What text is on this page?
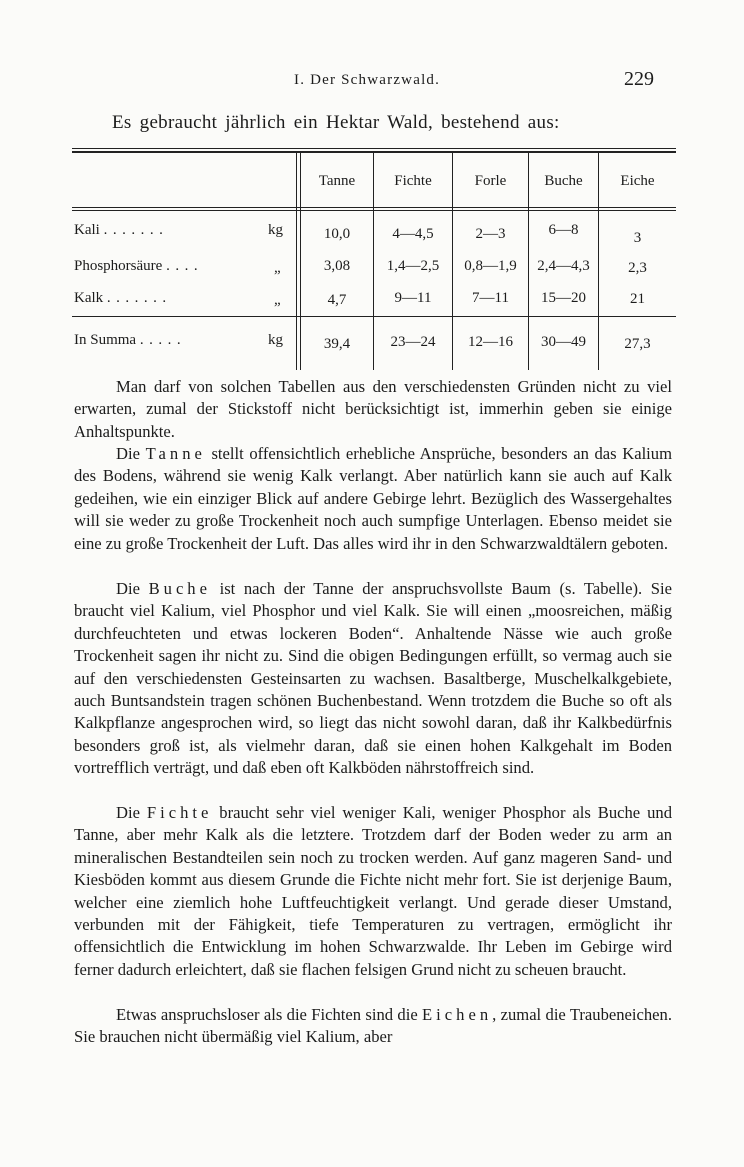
I. Der Schwarzwald.	229
Es gebraucht jährlich ein Hektar Wald, bestehend aus:
Tanne	Fichte	Forle	Buche	Eiche
Kali .......	kg	10,0	4—4,5	2—3	6—8	3
Phosphorsäure ....	„	3,08	1,4—2,5	0,8—1,9	2,4—4,3	2,3
Kalk .......	„	4,7	9—11	7—11	15—20	21
In Summa .....	kg	39,4	23—24	12—16	30—49	27,3

Man darf von solchen Tabellen aus den verschiedensten Gründen nicht zu viel erwarten, zumal der Stickstoff nicht berücksichtigt ist, immerhin geben sie einige Anhaltspunkte.

Die Tanne stellt offensichtlich erhebliche Ansprüche, besonders an das Kalium des Bodens, während sie wenig Kalk verlangt. Aber natürlich kann sie auch auf Kalk gedeihen, wie ein einziger Blick auf andere Gebirge lehrt. Bezüglich des Wassergehaltes will sie weder zu große Trockenheit noch auch sumpfige Unterlagen. Ebenso meidet sie eine zu große Trockenheit der Luft. Das alles wird ihr in den Schwarzwaldtälern geboten.

Die Buche ist nach der Tanne der anspruchsvollste Baum (s. Tabelle). Sie braucht viel Kalium, viel Phosphor und viel Kalk. Sie will einen „moosreichen, mäßig durchfeuchteten und etwas lockeren Boden“. Anhaltende Nässe wie auch große Trockenheit sagen ihr nicht zu. Sind die obigen Bedingungen erfüllt, so vermag auch sie auf den verschiedensten Gesteinsarten zu wachsen. Basaltberge, Muschelkalkgebiete, auch Buntsandstein tragen schönen Buchenbestand. Wenn trotzdem die Buche so oft als Kalkpflanze angesprochen wird, so liegt das nicht sowohl daran, daß ihr Kalkbedürfnis besonders groß ist, als vielmehr daran, daß sie einen hohen Kalkgehalt im Boden vortrefflich verträgt, und daß eben oft Kalkböden nährstoffreich sind.

Die Fichte braucht sehr viel weniger Kali, weniger Phosphor als Buche und Tanne, aber mehr Kalk als die letztere. Trotzdem darf der Boden weder zu arm an mineralischen Bestandteilen sein noch zu trocken werden. Auf ganz mageren Sand- und Kiesböden kommt aus diesem Grunde die Fichte nicht mehr fort. Sie ist derjenige Baum, welcher eine ziemlich hohe Luftfeuchtigkeit verlangt. Und gerade dieser Umstand, verbunden mit der Fähigkeit, tiefe Temperaturen zu vertragen, ermöglicht ihr offensichtlich die Entwicklung im hohen Schwarzwalde. Ihr Leben im Gebirge wird ferner dadurch erleichtert, daß sie flachen felsigen Grund nicht zu scheuen braucht.

Etwas anspruchsloser als die Fichten sind die Eichen, zumal die Traubeneichen. Sie brauchen nicht übermäßig viel Kalium, aber
